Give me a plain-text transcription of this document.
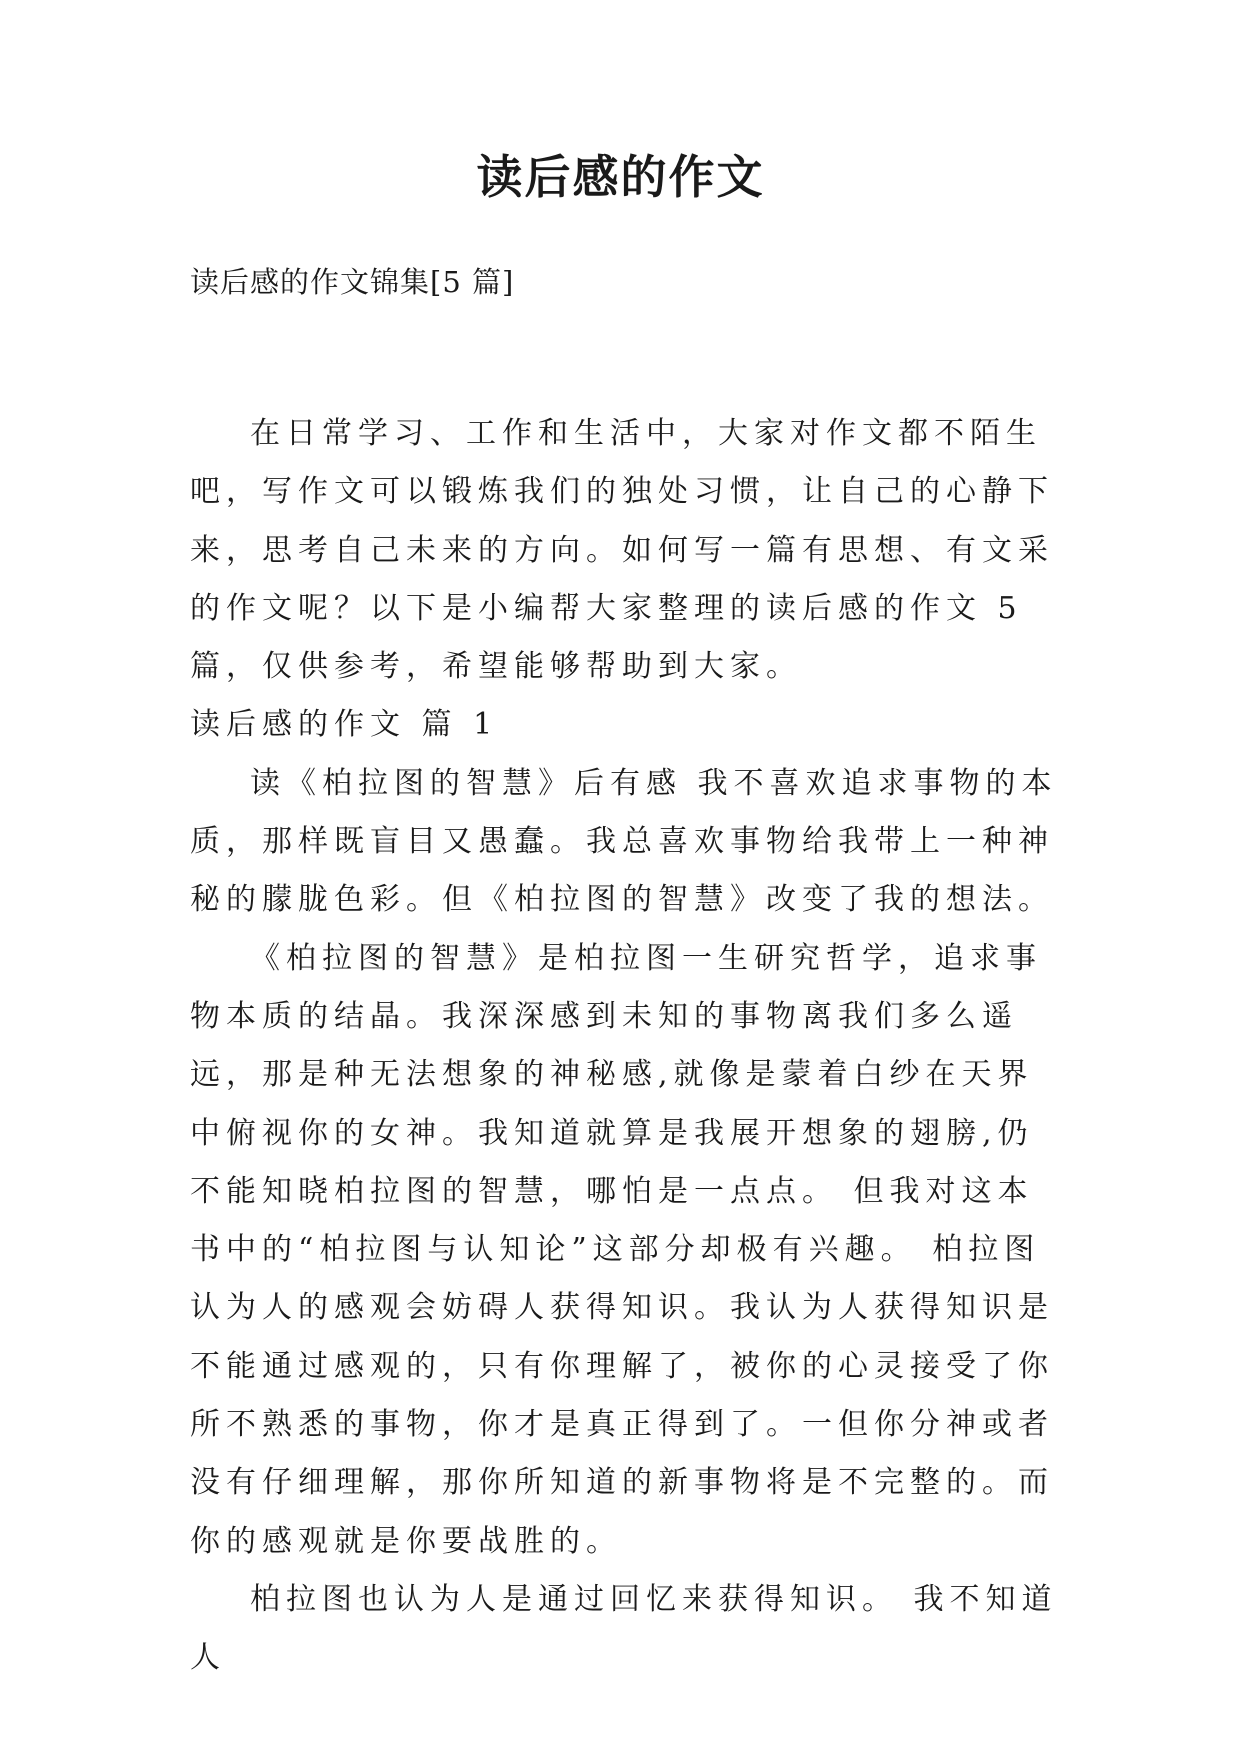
读后感的作文

读后感的作文锦集[5 篇]

在日常学习、工作和生活中，大家对作文都不陌生吧，写作文可以锻炼我们的独处习惯，让自己的心静下来，思考自己未来的方向。如何写一篇有思想、有文采的作文呢？以下是小编帮大家整理的读后感的作文 5 篇，仅供参考，希望能够帮助到大家。

读后感的作文 篇 1

读《柏拉图的智慧》后有感 我不喜欢追求事物的本质，那样既盲目又愚蠢。我总喜欢事物给我带上一种神秘的朦胧色彩。但《柏拉图的智慧》改变了我的想法。

《柏拉图的智慧》是柏拉图一生研究哲学，追求事物本质的结晶。我深深感到未知的事物离我们多么遥远，那是种无法想象的神秘感,就像是蒙着白纱在天界中俯视你的女神。我知道就算是我展开想象的翅膀,仍不能知晓柏拉图的智慧，哪怕是一点点。 但我对这本书中的“柏拉图与认知论”这部分却极有兴趣。 柏拉图认为人的感观会妨碍人获得知识。我认为人获得知识是不能通过感观的，只有你理解了，被你的心灵接受了你所不熟悉的事物，你才是真正得到了。一但你分神或者没有仔细理解，那你所知道的新事物将是不完整的。而你的感观就是你要战胜的。

柏拉图也认为人是通过回忆来获得知识。 我不知道人
